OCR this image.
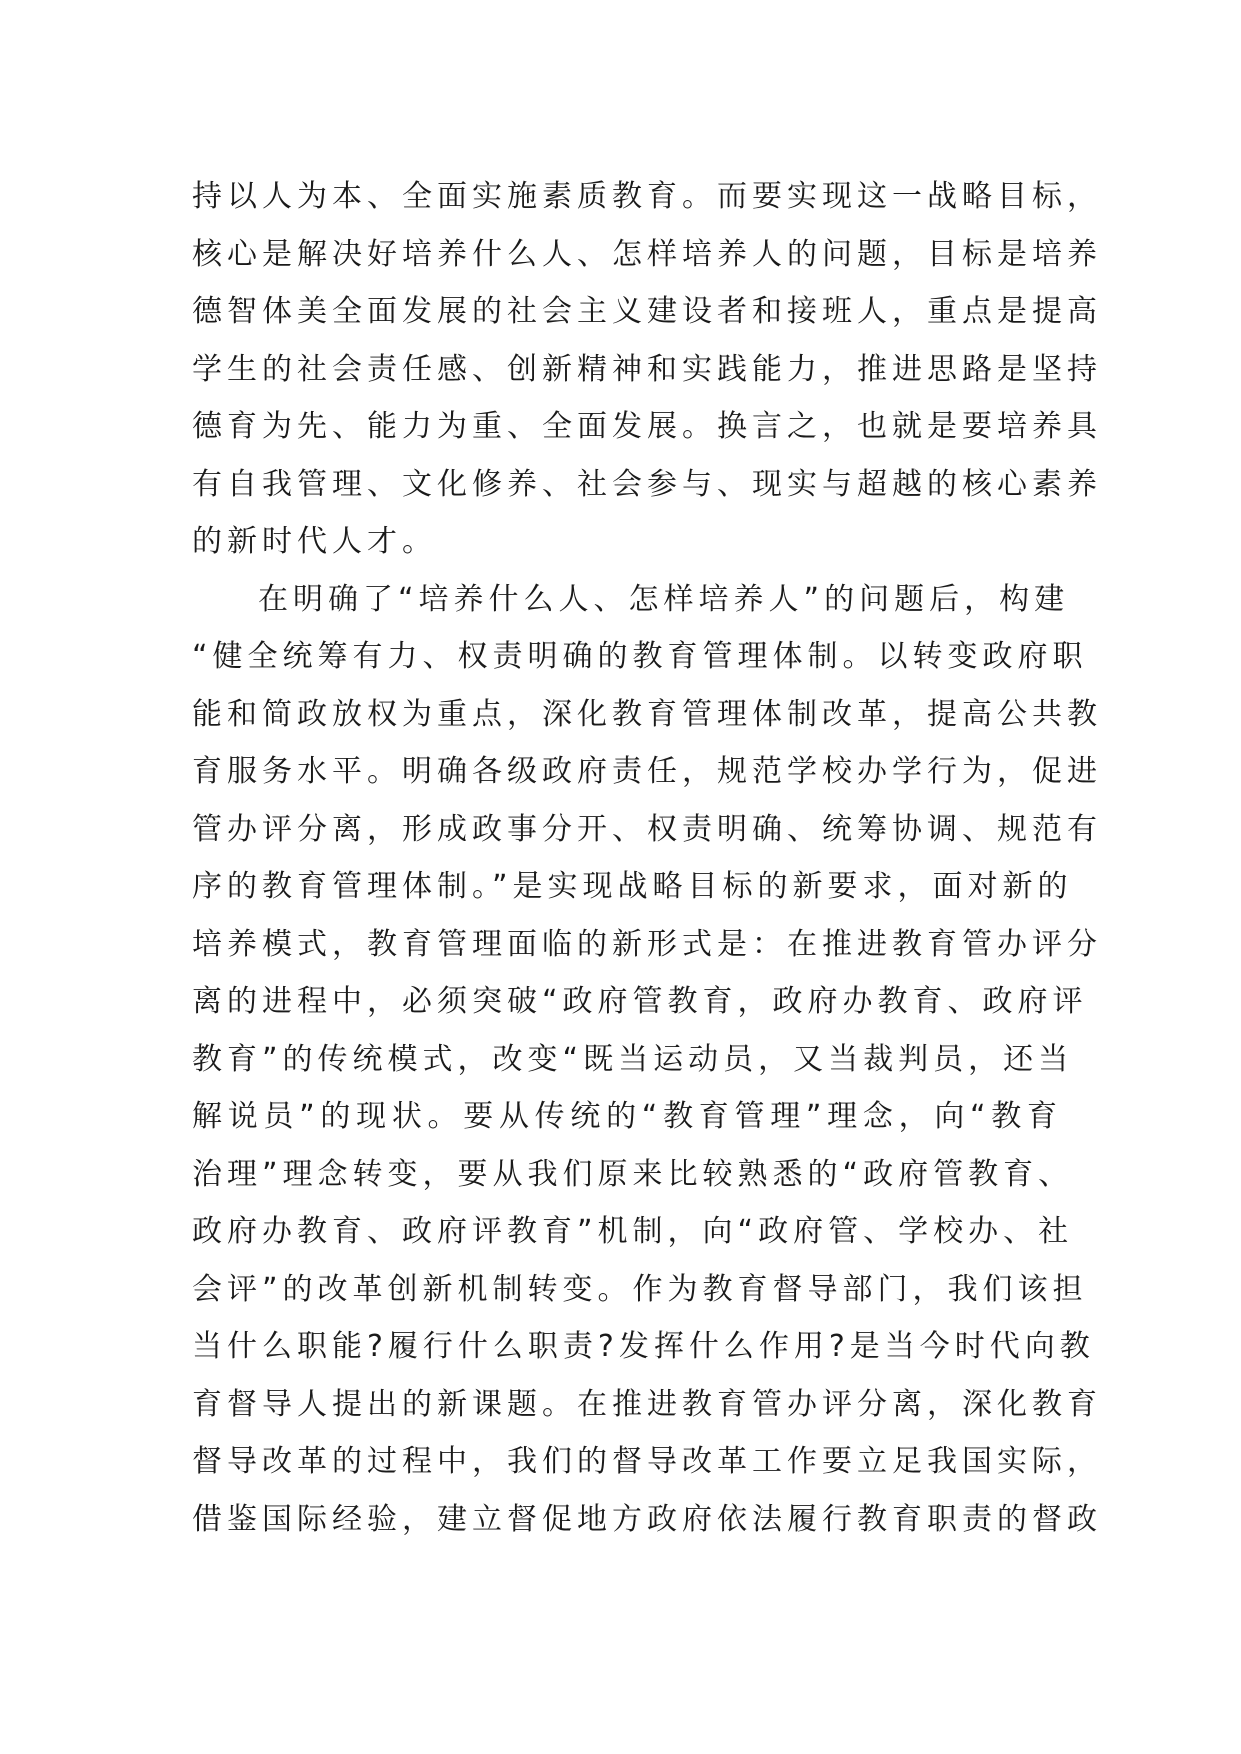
持以人为本、全面实施素质教育。而要实现这一战略目标，
核心是解决好培养什么人、怎样培养人的问题，目标是培养
德智体美全面发展的社会主义建设者和接班人，重点是提高
学生的社会责任感、创新精神和实践能力，推进思路是坚持
德育为先、能力为重、全面发展。换言之，也就是要培养具
有自我管理、文化修养、社会参与、现实与超越的核心素养
的新时代人才。
在明确了“培养什么人、怎样培养人”的问题后，构建
“健全统筹有力、权责明确的教育管理体制。以转变政府职
能和简政放权为重点，深化教育管理体制改革，提高公共教
育服务水平。明确各级政府责任，规范学校办学行为，促进
管办评分离，形成政事分开、权责明确、统筹协调、规范有
序的教育管理体制。”是实现战略目标的新要求，面对新的
培养模式，教育管理面临的新形式是：在推进教育管办评分
离的进程中，必须突破“政府管教育，政府办教育、政府评
教育”的传统模式，改变“既当运动员，又当裁判员，还当
解说员”的现状。要从传统的“教育管理”理念，向“教育
治理”理念转变，要从我们原来比较熟悉的“政府管教育、
政府办教育、政府评教育”机制，向“政府管、学校办、社
会评”的改革创新机制转变。作为教育督导部门，我们该担
当什么职能?履行什么职责?发挥什么作用?是当今时代向教
育督导人提出的新课题。在推进教育管办评分离，深化教育
督导改革的过程中，我们的督导改革工作要立足我国实际，
借鉴国际经验，建立督促地方政府依法履行教育职责的督政
